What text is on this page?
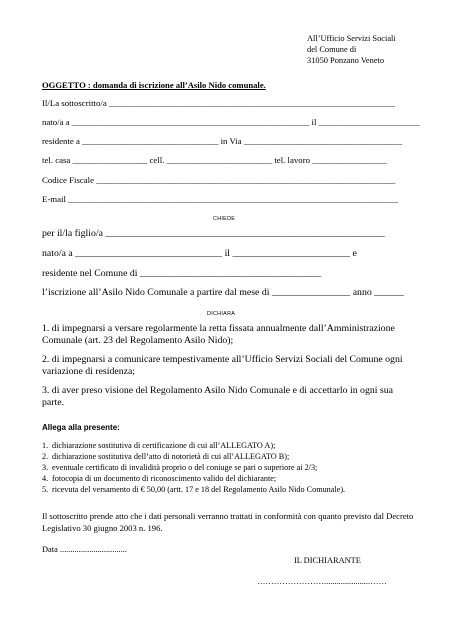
All’Ufficio Servizi Sociali
del Comune di
31050 Ponzano Veneto
OGGETTO : domanda di iscrizione all’Asilo Nido comunale.
Il/La sottoscritto/a _________________________________________________________________
nato/a a ______________________________________________________ il _______________________
residente a _______________________________ in Via ____________________________________
tel. casa _________________ cell. ________________________ tel. lavoro _________________
Codice Fiscale ____________________________________________________________________
E-mail ___________________________________________________________________________
CHIEDE
per il/la figlio/a _________________________________________________________
nato/a a ______________________________ il ________________________ e
residente nel Comune di _____________________________________
l’iscrizione all’Asilo Nido Comunale a partire dal mese di ________________ anno ______
DICHIARA
1. di impegnarsi a versare regolarmente la retta fissata annualmente dall’Amministrazione Comunale (art. 23 del Regolamento Asilo Nido);
2. di impegnarsi a comunicare tempestivamente all’Ufficio Servizi Sociali del Comune ogni variazione di residenza;
3. di aver preso visione del Regolamento Asilo Nido Comunale e di accettarlo in ogni sua parte.
Allega alla presente:
1. dichiarazione sostitutiva di certificazione di cui all’ALLEGATO A);
2. dichiarazione sostitutiva dell’atto di notorietà di cui all’ALLEGATO B);
3. eventuale certificato di invalidità proprio o del coniuge se pari o superiore ai 2/3;
4. fotocopia di un documento di riconoscimento valido del dichiarante;
5. ricevuta del versamento di € 50,00 (artt. 17 e 18 del Regolamento Asilo Nido Comunale).
Il sottoscritto prende atto che i dati personali verranno trattati in conformità con quanto previsto dal Decreto Legislativo 30 giugno 2003 n. 196.
Data ................................
IL DICHIARANTE
……………………......................……
